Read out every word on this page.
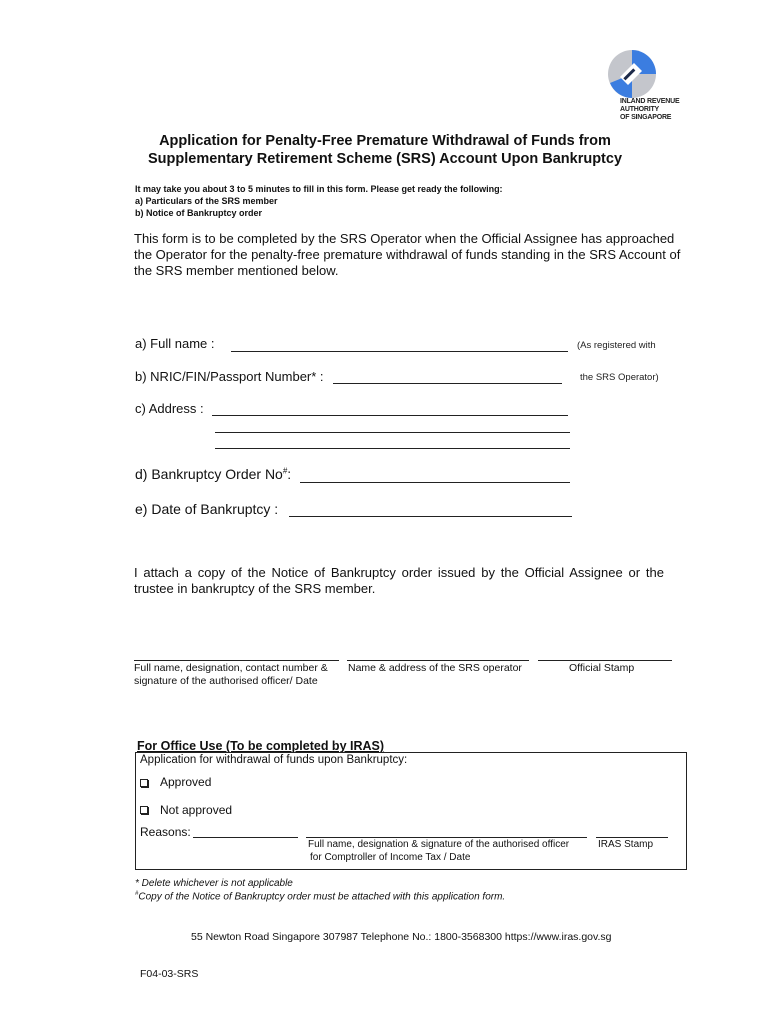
INLAND REVENUE
AUTHORITY
OF SINGAPORE
Application for Penalty-Free Premature Withdrawal of Funds from
Supplementary Retirement Scheme (SRS) Account Upon Bankruptcy
It may take you about 3 to 5 minutes to fill in this form. Please get ready the following:
a) Particulars of the SRS member
b) Notice of Bankruptcy order
This form is to be completed by the SRS Operator when the Official Assignee has approached the Operator for the penalty-free premature withdrawal of funds standing in the SRS Account of the SRS member mentioned below.
a) Full name :	(As registered with
b) NRIC/FIN/Passport Number* :	the SRS Operator)
c) Address :
d) Bankruptcy Order No#:
e) Date of Bankruptcy :
I attach a copy of the Notice of Bankruptcy order issued by the Official Assignee or the trustee in bankruptcy of the SRS member.
Full name, designation, contact number &
signature of the authorised officer/ Date
Name & address of the SRS operator	Official Stamp
For Office Use (To be completed by IRAS)
Application for withdrawal of funds upon Bankruptcy:
Approved
Not approved
Reasons:
Full name, designation & signature of the authorised officer
for Comptroller of Income Tax / Date
IRAS Stamp
* Delete whichever is not applicable
#Copy of the Notice of Bankruptcy order must be attached with this application form.
55 Newton Road Singapore 307987 Telephone No.: 1800-3568300 https://www.iras.gov.sg
F04-03-SRS
